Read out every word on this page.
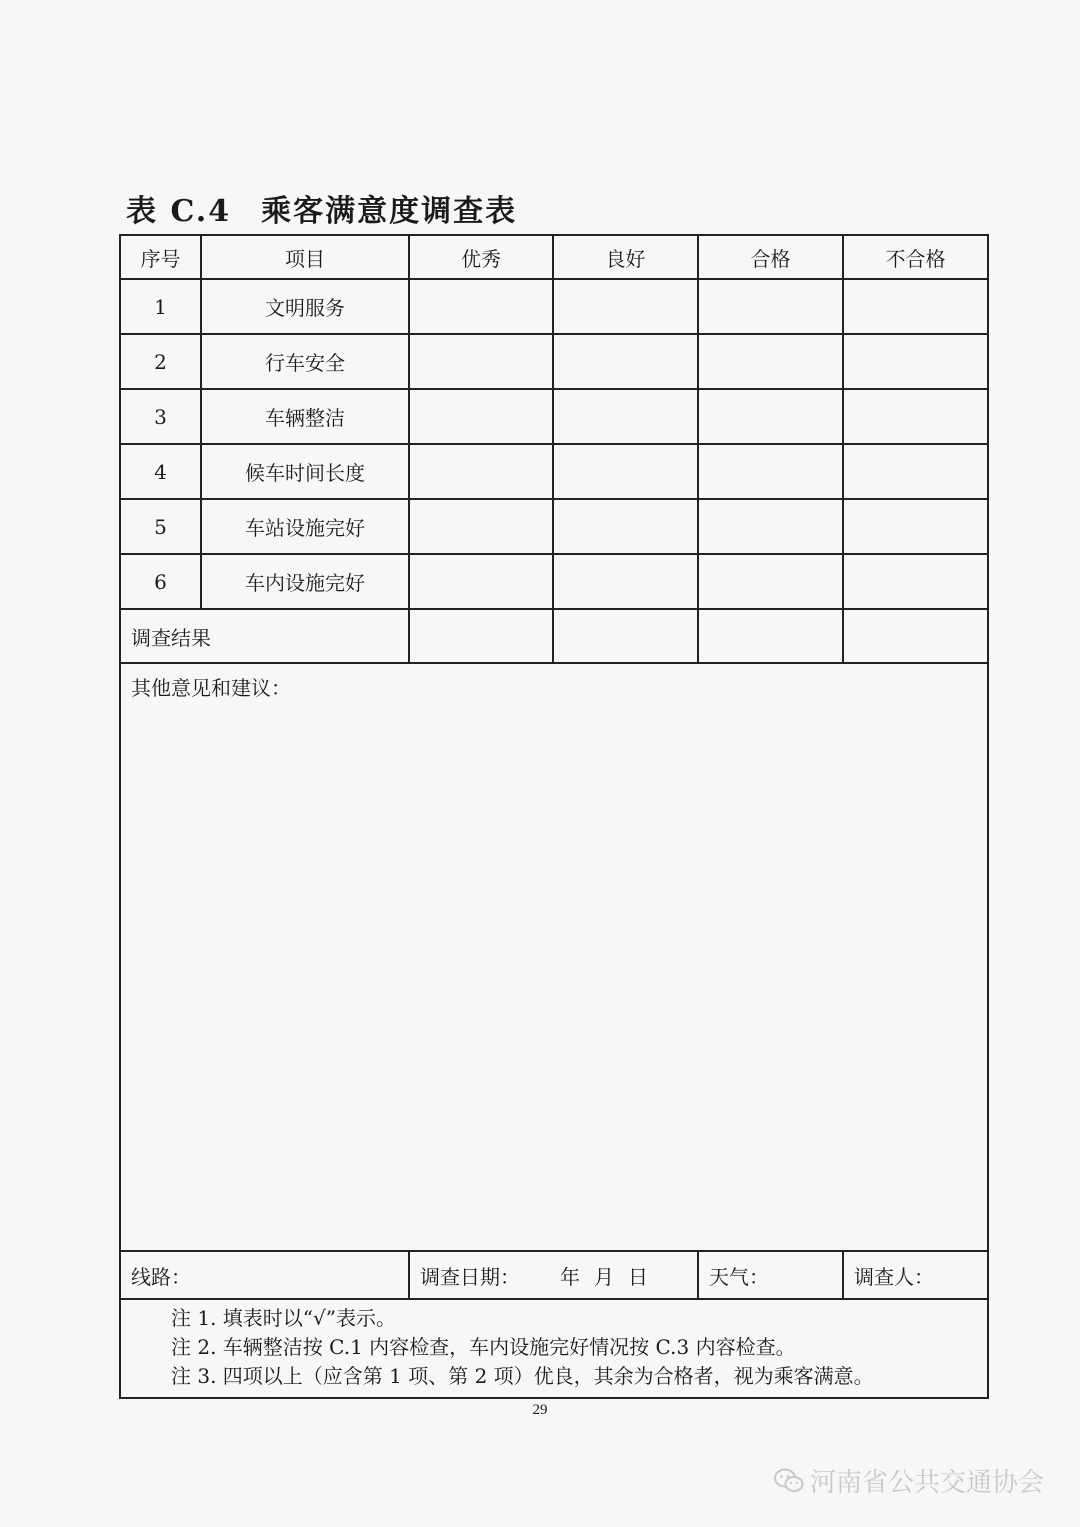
表 C.4 乘客满意度调查表
序号	项目	优秀	良好	合格	不合格
1	文明服务				
2	行车安全				
3	车辆整洁				
4	候车时间长度				
5	车站设施完好				
6	车内设施完好				
调查结果					
其他意见和建议：					
线路：		调查日期： 年 月 日		天气：	调查人：

注 1. 填表时以“√”表示。
注 2. 车辆整洁按 C.1 内容检查，车内设施完好情况按 C.3 内容检查。
注 3. 四项以上（应含第 1 项、第 2 项）优良，其余为合格者，视为乘客满意。					
29
河南省公共交通协会
